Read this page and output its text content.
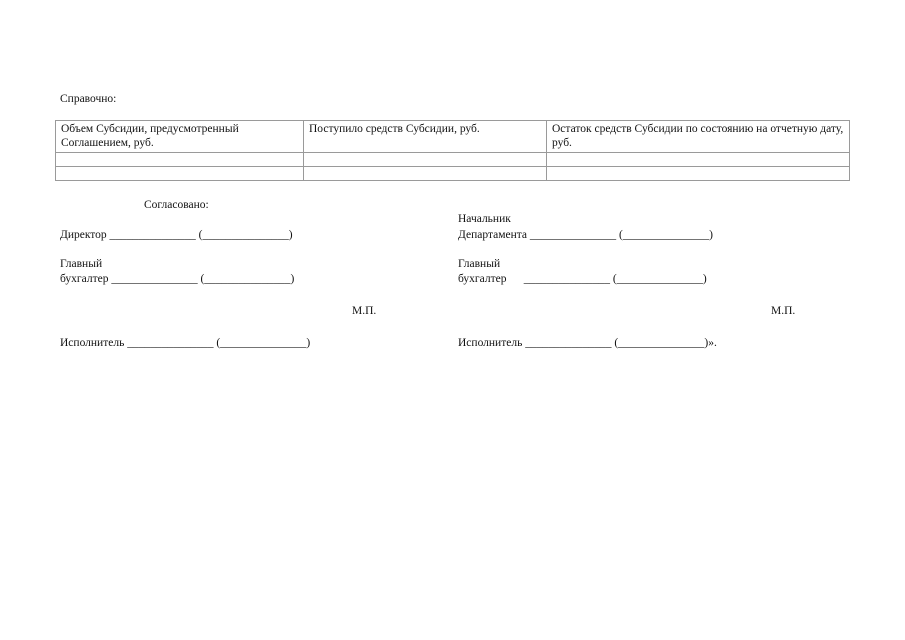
Справочно:
Объем Субсидии, предусмотренный Соглашением, руб.	Поступило средств Субсидии, руб.	Остаток средств Субсидии по состоянию на отчетную дату, руб.

Согласовано:
Директор _______________ (_______________)
Главный
бухгалтер _______________ (_______________)
М.П.
Исполнитель _______________ (_______________)
Начальник
Департамента _______________ (_______________)
Главный
бухгалтер      _______________ (_______________)
М.П.
Исполнитель _______________ (_______________)».
